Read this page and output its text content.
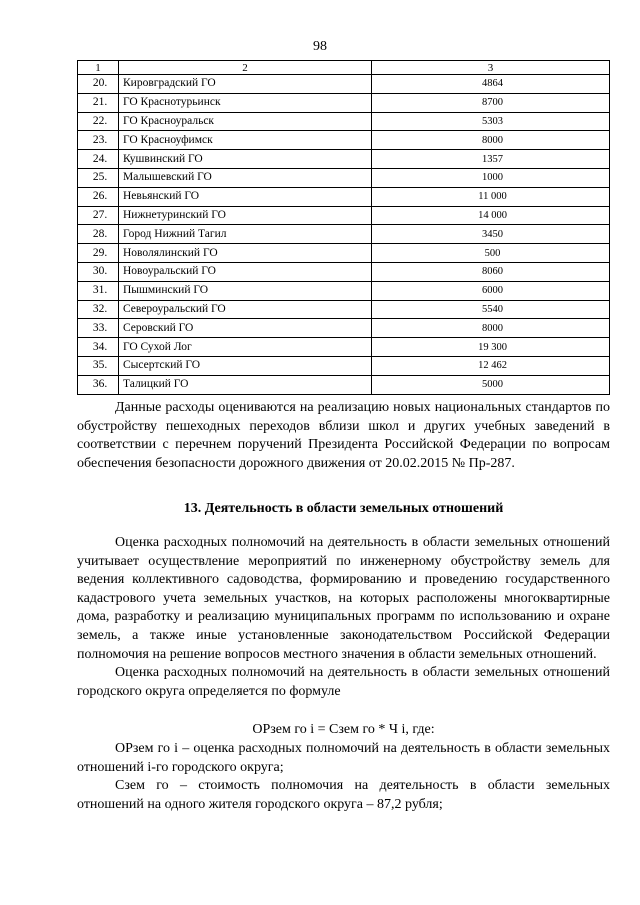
98
1	2	3
20.	Кировградский ГО	4864
21.	ГО Краснотурьинск	8700
22.	ГО Красноуральск	5303
23.	ГО Красноуфимск	8000
24.	Кушвинский ГО	1357
25.	Малышевский ГО	1000
26.	Невьянский ГО	11 000
27.	Нижнетуринский ГО	14 000
28.	Город Нижний Тагил	3450
29.	Новолялинский ГО	500
30.	Новоуральский ГО	8060
31.	Пышминский ГО	6000
32.	Североуральский ГО	5540
33.	Серовский ГО	8000
34.	ГО Сухой Лог	19 300
35.	Сысертский ГО	12 462
36.	Талицкий ГО	5000

Данные расходы оцениваются на реализацию новых национальных стандартов по обустройству пешеходных переходов вблизи школ и других учебных заведений в соответствии с перечнем поручений Президента Российской Федерации по вопросам обеспечения безопасности дорожного движения от 20.02.2015 № Пр-287.

13. Деятельность в области земельных отношений

Оценка расходных полномочий на деятельность в области земельных отношений учитывает осуществление мероприятий по инженерному обустройству земель для ведения коллективного садоводства, формированию и проведению государственного кадастрового учета земельных участков, на которых расположены многоквартирные дома, разработку и реализацию муниципальных программ по использованию и охране земель, а также иные установленные законодательством Российской Федерации полномочия на решение вопросов местного значения в области земельных отношений.

Оценка расходных полномочий на деятельность в области земельных отношений городского округа определяется по формуле

ОРзем го i = Сзем го * Ч i, где:

ОРзем го i – оценка расходных полномочий на деятельность в области земельных отношений i-го городского округа;

Сзем го – стоимость полномочия на деятельность в области земельных отношений на одного жителя городского округа – 87,2 рубля;
